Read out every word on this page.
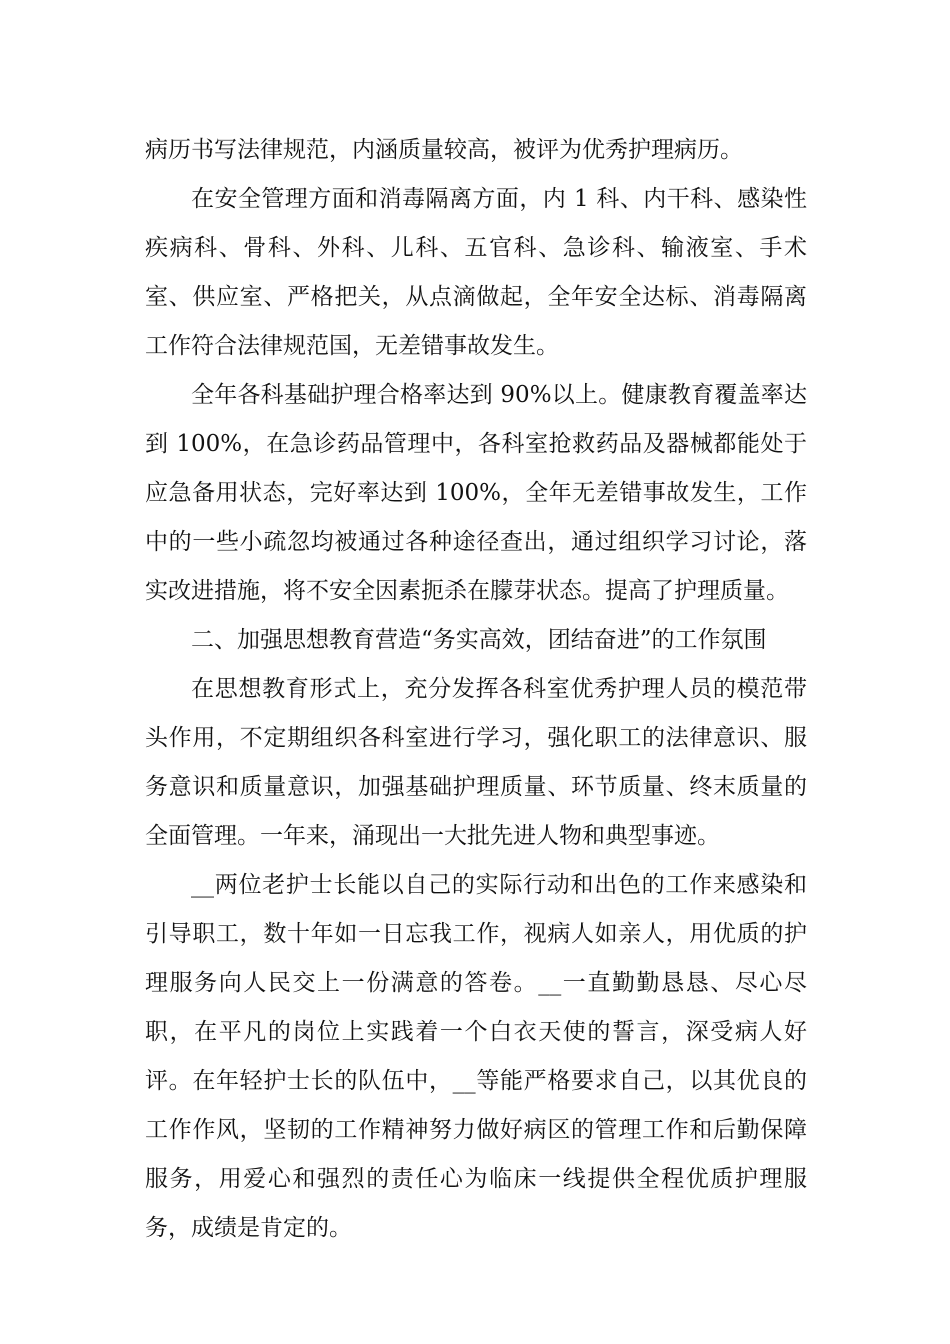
病历书写法律规范，内涵质量较高，被评为优秀护理病历。

在安全管理方面和消毒隔离方面，内 1 科、内干科、感染性疾病科、骨科、外科、儿科、五官科、急诊科、输液室、手术室、供应室、严格把关，从点滴做起，全年安全达标、消毒隔离工作符合法律规范国，无差错事故发生。

全年各科基础护理合格率达到 90%以上。健康教育覆盖率达到 100%，在急诊药品管理中，各科室抢救药品及器械都能处于应急备用状态，完好率达到 100%，全年无差错事故发生，工作中的一些小疏忽均被通过各种途径查出，通过组织学习讨论，落实改进措施，将不安全因素扼杀在朦芽状态。提高了护理质量。

二、加强思想教育营造“务实高效，团结奋进”的工作氛围

在思想教育形式上，充分发挥各科室优秀护理人员的模范带头作用，不定期组织各科室进行学习，强化职工的法律意识、服务意识和质量意识，加强基础护理质量、环节质量、终末质量的全面管理。一年来，涌现出一大批先进人物和典型事迹。

__两位老护士长能以自己的实际行动和出色的工作来感染和引导职工，数十年如一日忘我工作，视病人如亲人，用优质的护理服务向人民交上一份满意的答卷。__一直勤勤恳恳、尽心尽职，在平凡的岗位上实践着一个白衣天使的誓言，深受病人好评。在年轻护士长的队伍中，__等能严格要求自己，以其优良的工作作风，坚韧的工作精神努力做好病区的管理工作和后勤保障服务，用爱心和强烈的责任心为临床一线提供全程优质护理服务，成绩是肯定的。
